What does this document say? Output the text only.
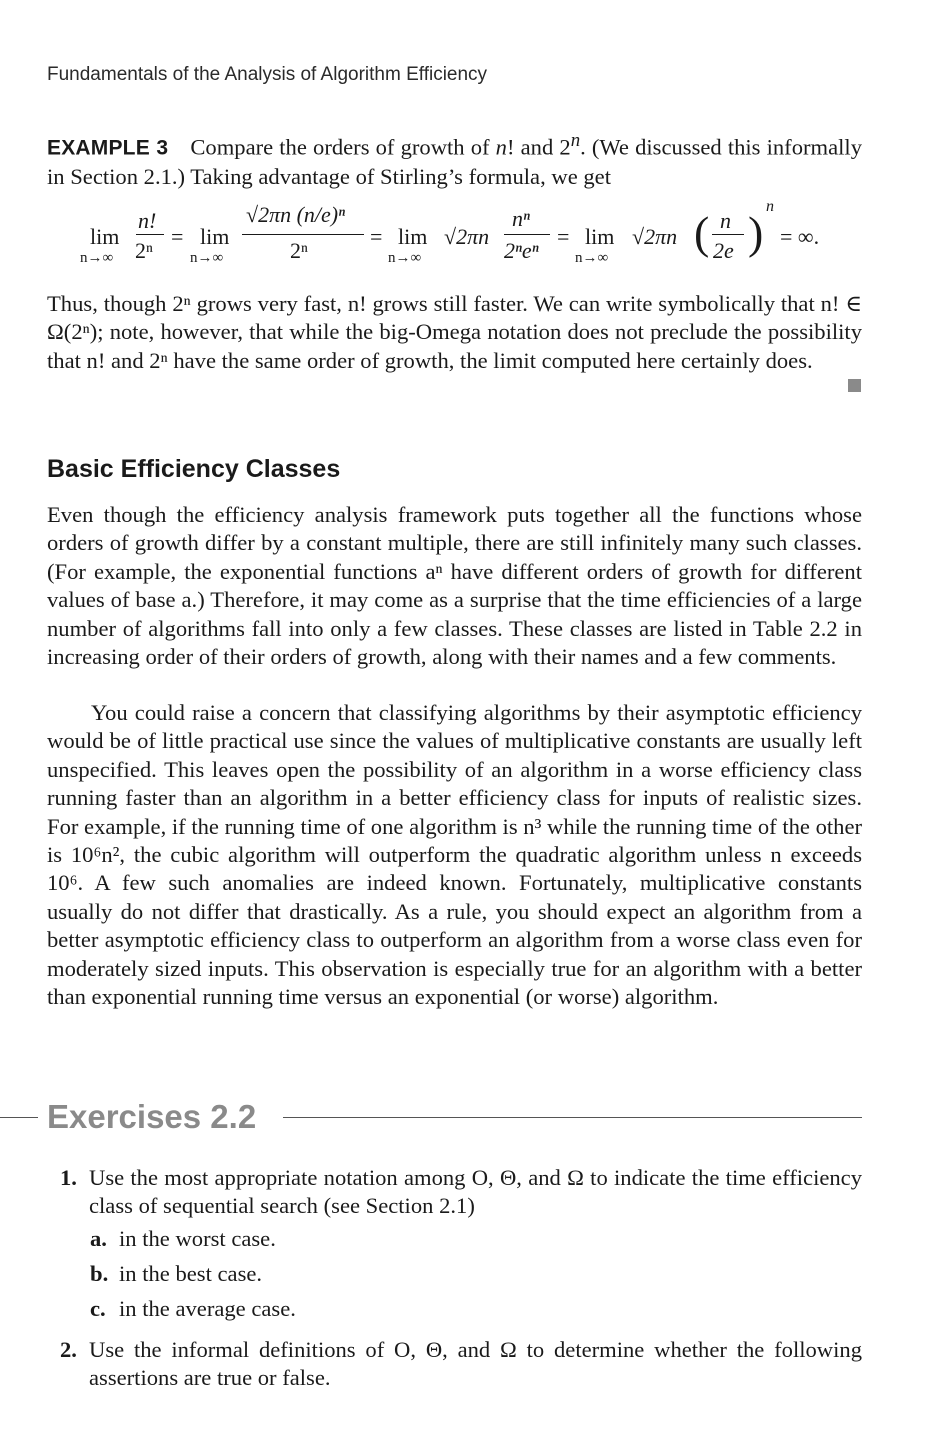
Fundamentals of the Analysis of Algorithm Efficiency
EXAMPLE 3 Compare the orders of growth of n! and 2$^n$. (We discussed this informally in Section 2.1.) Taking advantage of Stirling’s formula, we get
lim
n→∞
n!
2ⁿ
= lim
n→∞
√2πn (n/e)ⁿ
2ⁿ
= lim
n→∞
√2πn
nⁿ
2ⁿeⁿ
= lim
n→∞
√2πn ( n
2e )
n
= ∞.
Thus, though 2ⁿ grows very fast, n! grows still faster. We can write symbolically that n! ∈ Ω(2ⁿ); note, however, that while the big-Omega notation does not preclude the possibility that n! and 2ⁿ have the same order of growth, the limit computed here certainly does.
Basic Efficiency Classes
Even though the efficiency analysis framework puts together all the functions whose orders of growth differ by a constant multiple, there are still infinitely many such classes. (For example, the exponential functions aⁿ have different orders of growth for different values of base a.) Therefore, it may come as a surprise that the time efficiencies of a large number of algorithms fall into only a few classes. These classes are listed in Table 2.2 in increasing order of their orders of growth, along with their names and a few comments.
You could raise a concern that classifying algorithms by their asymptotic efficiency would be of little practical use since the values of multiplicative constants are usually left unspecified. This leaves open the possibility of an algorithm in a worse efficiency class running faster than an algorithm in a better efficiency class for inputs of realistic sizes. For example, if the running time of one algorithm is n³ while the running time of the other is 10⁶n², the cubic algorithm will outperform the quadratic algorithm unless n exceeds 10⁶. A few such anomalies are indeed known. Fortunately, multiplicative constants usually do not differ that drastically. As a rule, you should expect an algorithm from a better asymptotic efficiency class to outperform an algorithm from a worse class even for moderately sized inputs. This observation is especially true for an algorithm with a better than exponential running time versus an exponential (or worse) algorithm.
Exercises 2.2
1. Use the most appropriate notation among O, Θ, and Ω to indicate the time efficiency class of sequential search (see Section 2.1)
a. in the worst case.
b. in the best case.
c. in the average case.
2. Use the informal definitions of O, Θ, and Ω to determine whether the following assertions are true or false.
